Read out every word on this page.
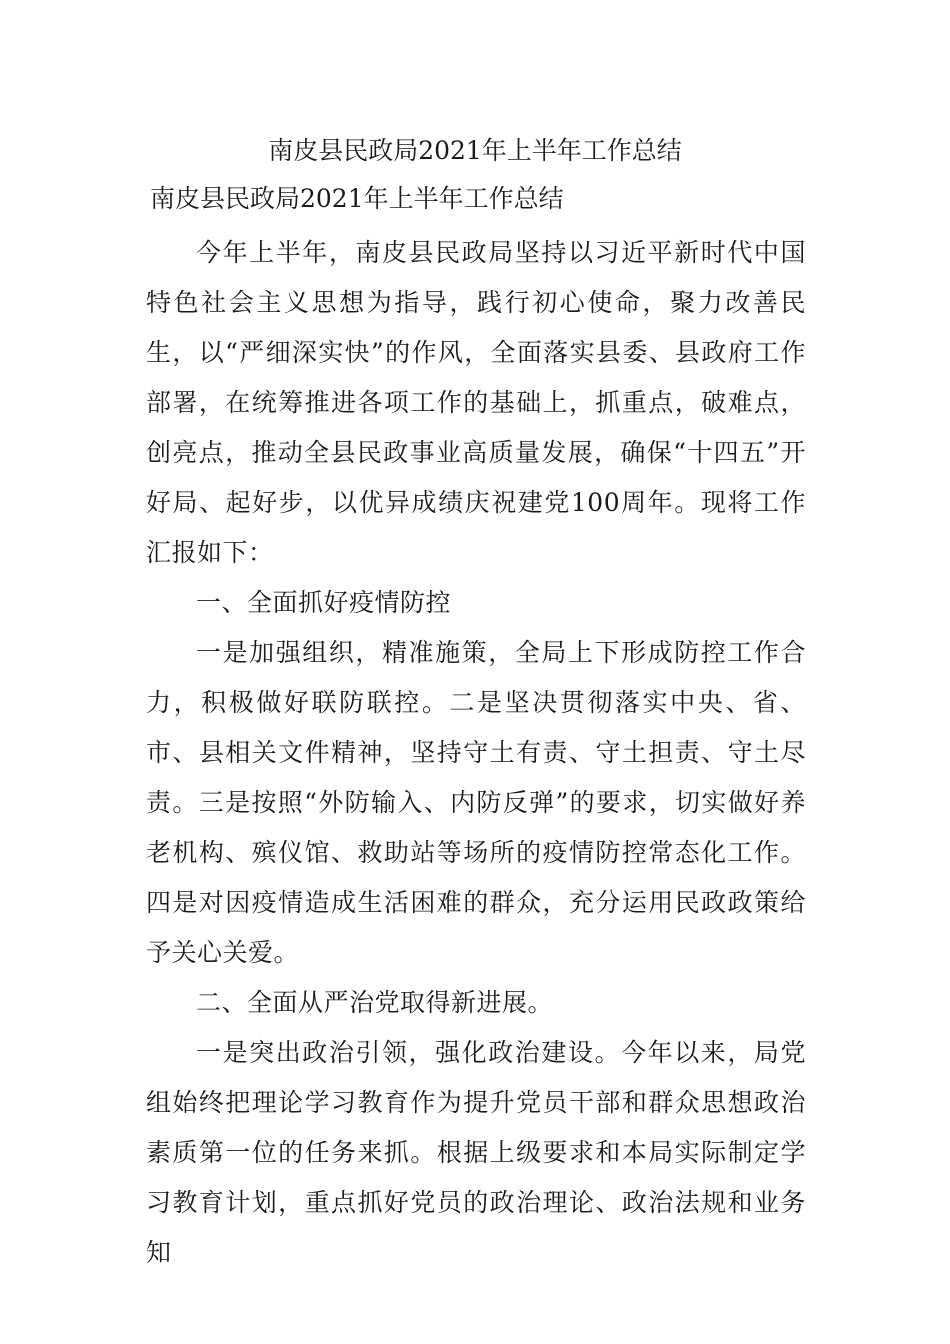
南皮县民政局2021年上半年工作总结
南皮县民政局2021年上半年工作总结

今年上半年，南皮县民政局坚持以习近平新时代中国特色社会主义思想为指导，践行初心使命，聚力改善民生，以“严细深实快”的作风，全面落实县委、县政府工作部署，在统筹推进各项工作的基础上，抓重点，破难点，创亮点，推动全县民政事业高质量发展，确保“十四五”开好局、起好步，以优异成绩庆祝建党100周年。现将工作汇报如下：

一、全面抓好疫情防控

一是加强组织，精准施策，全局上下形成防控工作合力，积极做好联防联控。二是坚决贯彻落实中央、省、市、县相关文件精神，坚持守土有责、守土担责、守土尽责。三是按照“外防输入、内防反弹”的要求，切实做好养老机构、殡仪馆、救助站等场所的疫情防控常态化工作。四是对因疫情造成生活困难的群众，充分运用民政政策给予关心关爱。

二、全面从严治党取得新进展。

一是突出政治引领，强化政治建设。今年以来，局党组始终把理论学习教育作为提升党员干部和群众思想政治素质第一位的任务来抓。根据上级要求和本局实际制定学习教育计划，重点抓好党员的政治理论、政治法规和业务知
